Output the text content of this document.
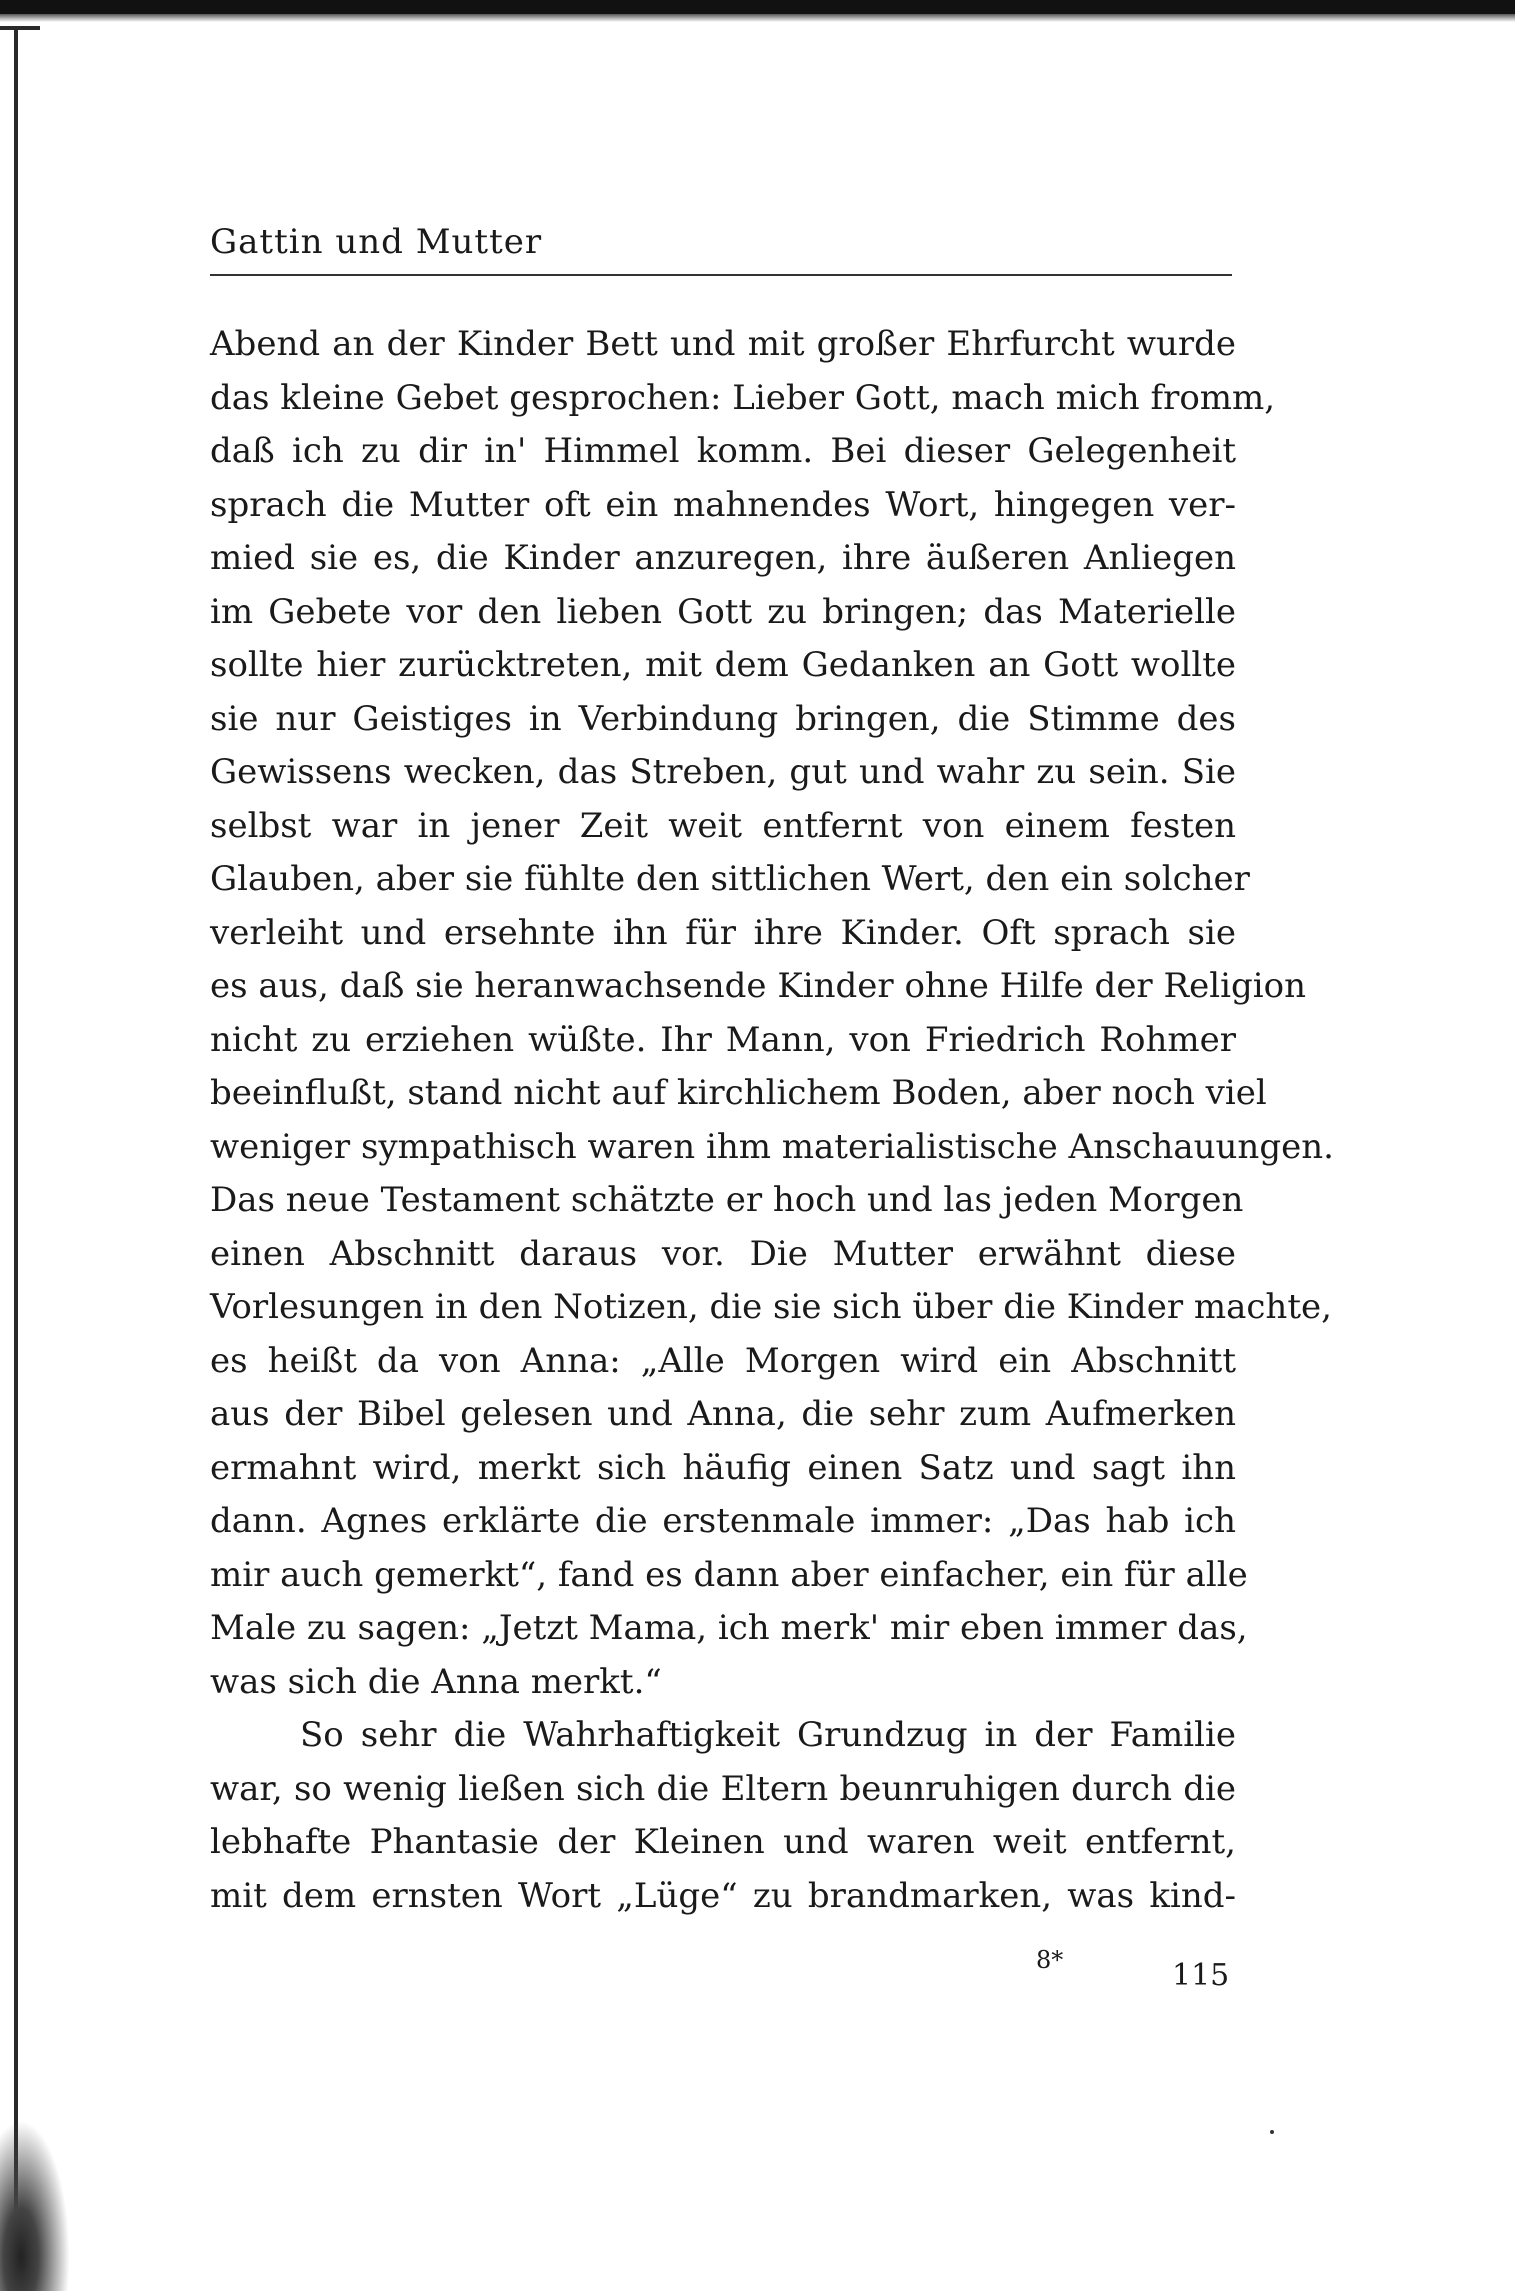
Gattin und Mutter
Abend an der Kinder Bett und mit großer Ehrfurcht wurde
das kleine Gebet gesprochen: Lieber Gott, mach mich fromm,
daß ich zu dir in' Himmel komm. Bei dieser Gelegenheit
sprach die Mutter oft ein mahnendes Wort, hingegen ver-
mied sie es, die Kinder anzuregen, ihre äußeren Anliegen
im Gebete vor den lieben Gott zu bringen; das Materielle
sollte hier zurücktreten, mit dem Gedanken an Gott wollte
sie nur Geistiges in Verbindung bringen, die Stimme des
Gewissens wecken, das Streben, gut und wahr zu sein. Sie
selbst war in jener Zeit weit entfernt von einem festen
Glauben, aber sie fühlte den sittlichen Wert, den ein solcher
verleiht und ersehnte ihn für ihre Kinder. Oft sprach sie
es aus, daß sie heranwachsende Kinder ohne Hilfe der Religion
nicht zu erziehen wüßte. Ihr Mann, von Friedrich Rohmer
beeinflußt, stand nicht auf kirchlichem Boden, aber noch viel
weniger sympathisch waren ihm materialistische Anschauungen.
Das neue Testament schätzte er hoch und las jeden Morgen
einen Abschnitt daraus vor. Die Mutter erwähnt diese
Vorlesungen in den Notizen, die sie sich über die Kinder machte,
es heißt da von Anna: „Alle Morgen wird ein Abschnitt
aus der Bibel gelesen und Anna, die sehr zum Aufmerken
ermahnt wird, merkt sich häufig einen Satz und sagt ihn
dann. Agnes erklärte die erstenmale immer: „Das hab ich
mir auch gemerkt“, fand es dann aber einfacher, ein für alle
Male zu sagen: „Jetzt Mama, ich merk' mir eben immer das,
was sich die Anna merkt.“
So sehr die Wahrhaftigkeit Grundzug in der Familie
war, so wenig ließen sich die Eltern beunruhigen durch die
lebhafte Phantasie der Kleinen und waren weit entfernt,
mit dem ernsten Wort „Lüge“ zu brandmarken, was kind-
8*	115
